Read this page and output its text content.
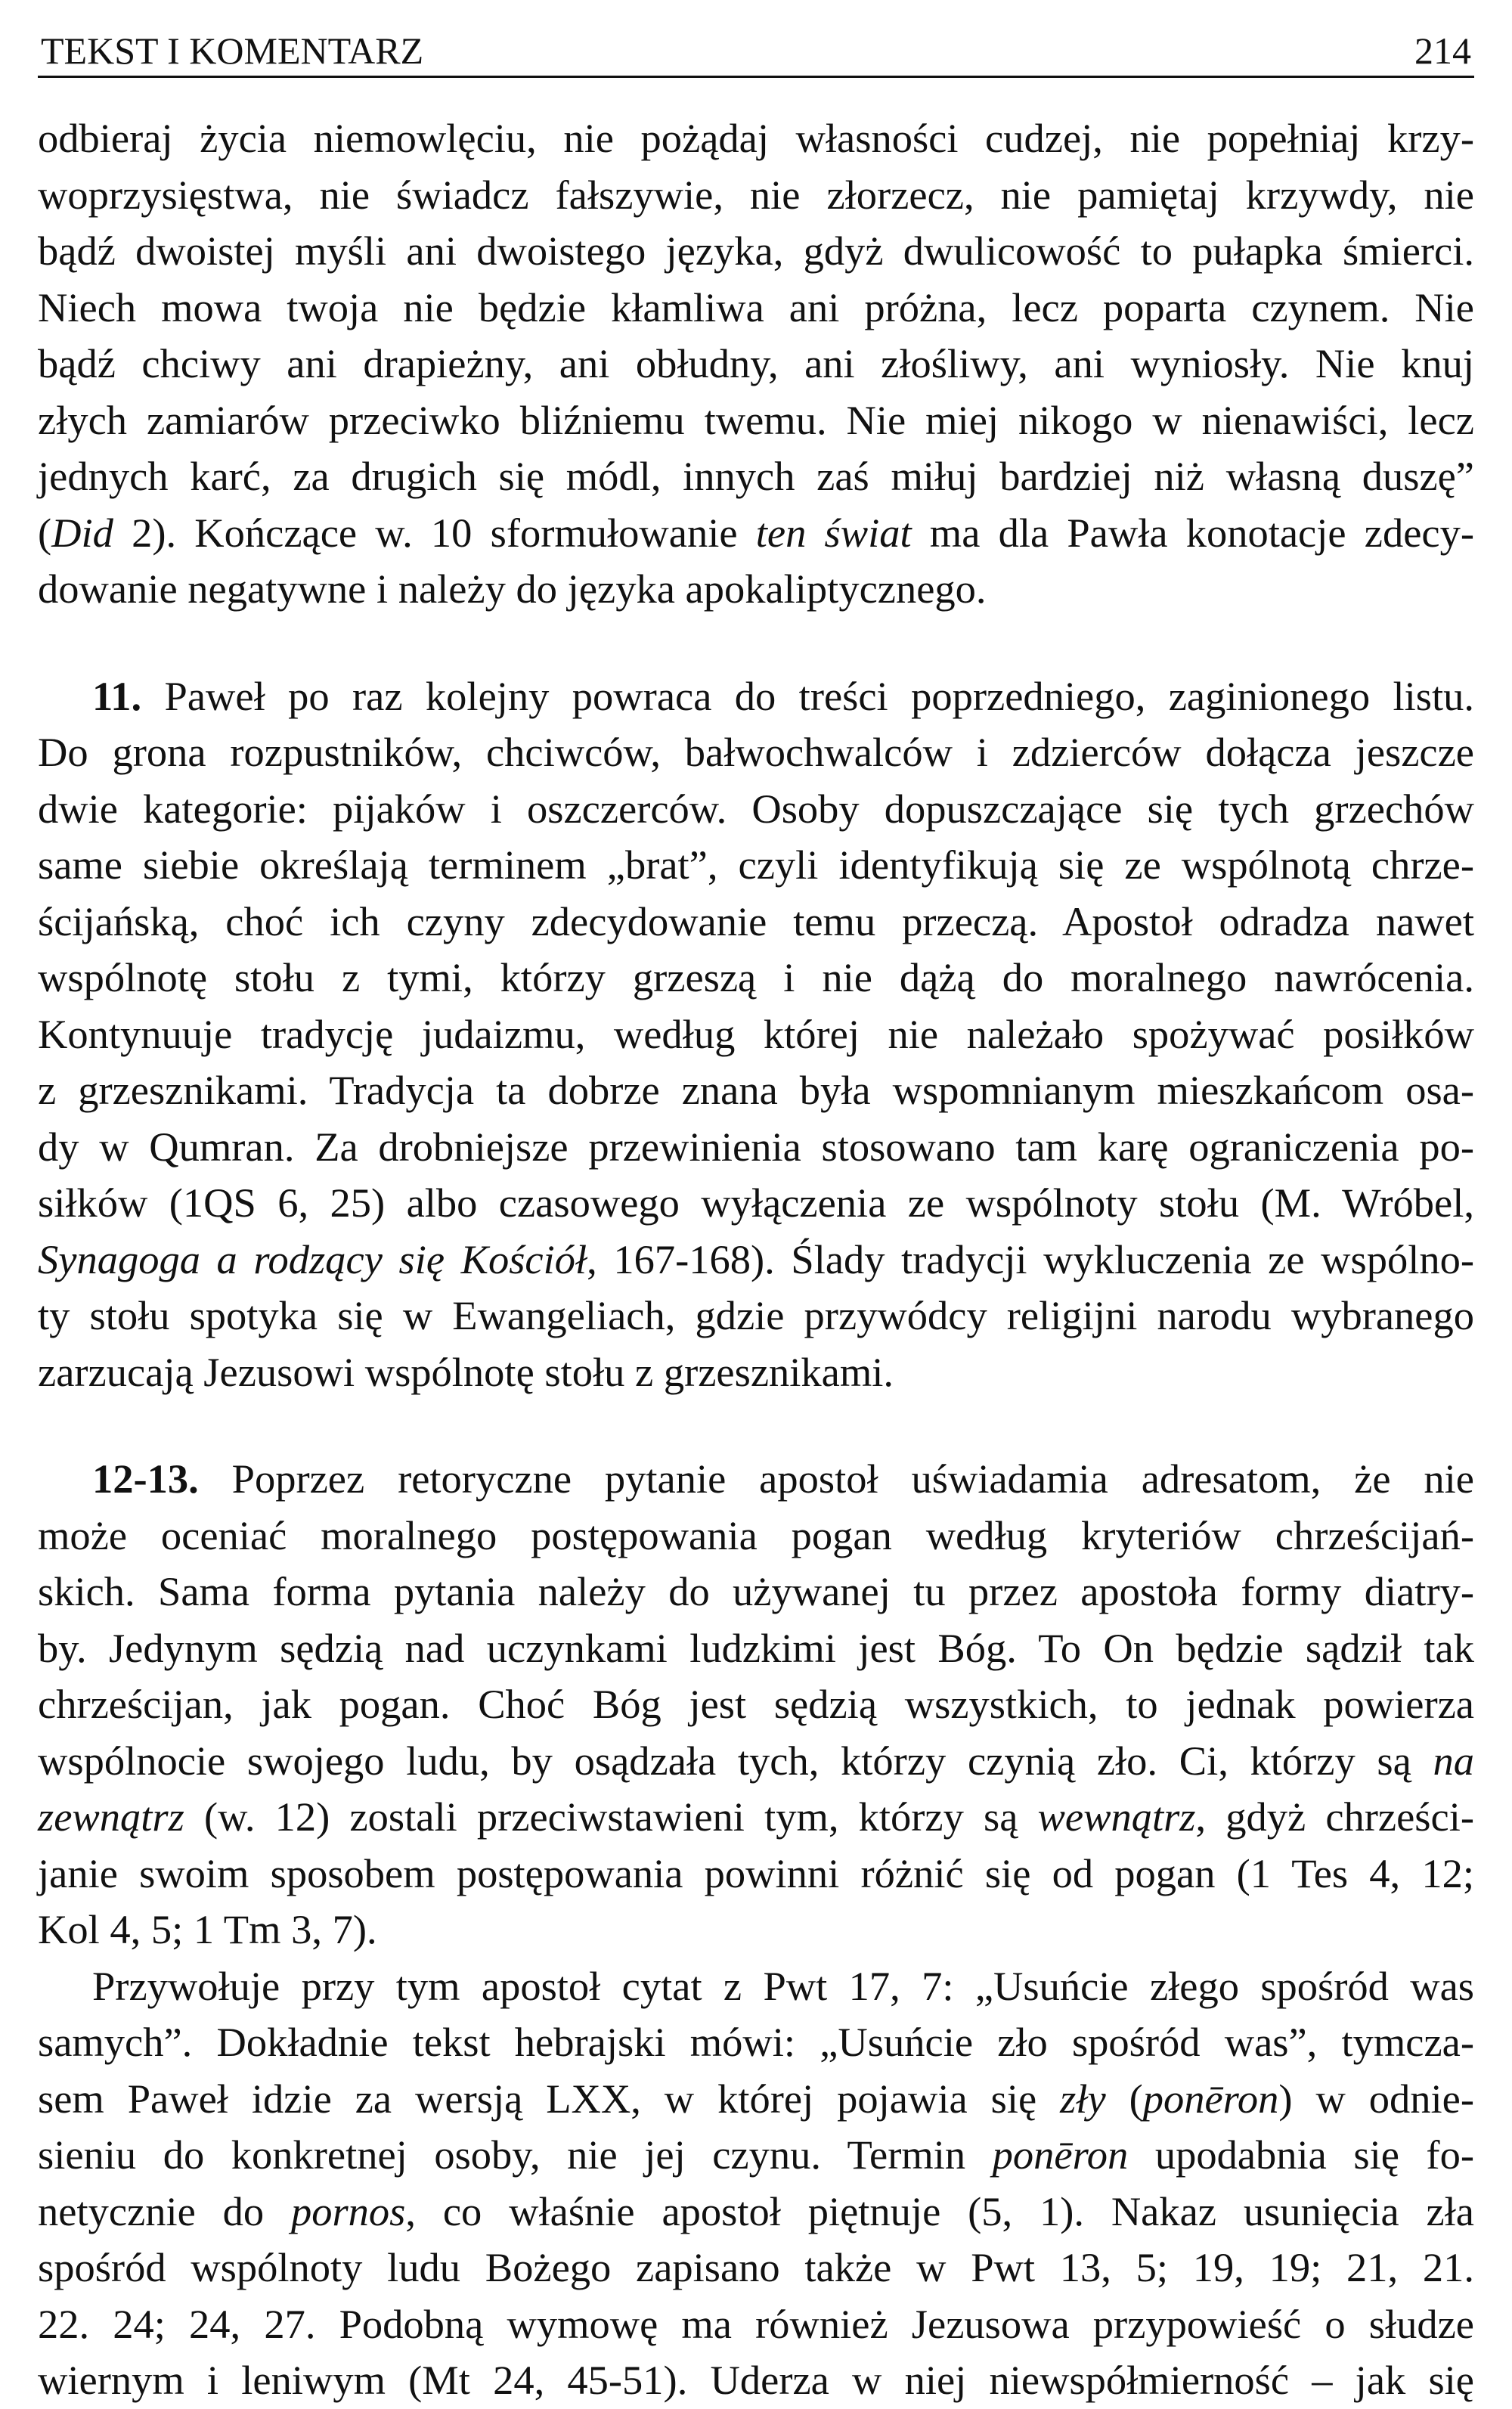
TEKST I KOMENTARZ	214
odbieraj życia niemowlęciu, nie pożądaj własności cudzej, nie popełniaj krzy-
woprzysięstwa, nie świadcz fałszywie, nie złorzecz, nie pamiętaj krzywdy, nie
bądź dwoistej myśli ani dwoistego języka, gdyż dwulicowość to pułapka śmierci.
Niech mowa twoja nie będzie kłamliwa ani próżna, lecz poparta czynem. Nie
bądź chciwy ani drapieżny, ani obłudny, ani złośliwy, ani wyniosły. Nie knuj
złych zamiarów przeciwko bliźniemu twemu. Nie miej nikogo w nienawiści, lecz
jednych karć, za drugich się módl, innych zaś miłuj bardziej niż własną duszę”
(Did 2). Kończące w. 10 sformułowanie ten świat ma dla Pawła konotacje zdecy-
dowanie negatywne i należy do języka apokaliptycznego.
11. Paweł po raz kolejny powraca do treści poprzedniego, zaginionego listu.
Do grona rozpustników, chciwców, bałwochwalców i zdzierców dołącza jeszcze
dwie kategorie: pijaków i oszczerców. Osoby dopuszczające się tych grzechów
same siebie określają terminem „brat”, czyli identyfikują się ze wspólnotą chrze-
ścijańską, choć ich czyny zdecydowanie temu przeczą. Apostoł odradza nawet
wspólnotę stołu z tymi, którzy grzeszą i nie dążą do moralnego nawrócenia.
Kontynuuje tradycję judaizmu, według której nie należało spożywać posiłków
z grzesznikami. Tradycja ta dobrze znana była wspomnianym mieszkańcom osa-
dy w Qumran. Za drobniejsze przewinienia stosowano tam karę ograniczenia po-
siłków (1QS 6, 25) albo czasowego wyłączenia ze wspólnoty stołu (M. Wróbel,
Synagoga a rodzący się Kościół, 167-168). Ślady tradycji wykluczenia ze wspólno-
ty stołu spotyka się w Ewangeliach, gdzie przywódcy religijni narodu wybranego
zarzucają Jezusowi wspólnotę stołu z grzesznikami.
12-13. Poprzez retoryczne pytanie apostoł uświadamia adresatom, że nie
może oceniać moralnego postępowania pogan według kryteriów chrześcijań-
skich. Sama forma pytania należy do używanej tu przez apostoła formy diatry-
by. Jedynym sędzią nad uczynkami ludzkimi jest Bóg. To On będzie sądził tak
chrześcijan, jak pogan. Choć Bóg jest sędzią wszystkich, to jednak powierza
wspólnocie swojego ludu, by osądzała tych, którzy czynią zło. Ci, którzy są na
zewnątrz (w. 12) zostali przeciwstawieni tym, którzy są wewnątrz, gdyż chrześci-
janie swoim sposobem postępowania powinni różnić się od pogan (1 Tes 4, 12;
Kol 4, 5; 1 Tm 3, 7).
Przywołuje przy tym apostoł cytat z Pwt 17, 7: „Usuńcie złego spośród was
samych”. Dokładnie tekst hebrajski mówi: „Usuńcie zło spośród was”, tymcza-
sem Paweł idzie za wersją LXX, w której pojawia się zły (ponēron) w odnie-
sieniu do konkretnej osoby, nie jej czynu. Termin ponēron upodabnia się fo-
netycznie do pornos, co właśnie apostoł piętnuje (5, 1). Nakaz usunięcia zła
spośród wspólnoty ludu Bożego zapisano także w Pwt 13, 5; 19, 19; 21, 21.
22. 24; 24, 27. Podobną wymowę ma również Jezusowa przypowieść o słudze
wiernym i leniwym (Mt 24, 45-51). Uderza w niej niewspółmierność – jak się
